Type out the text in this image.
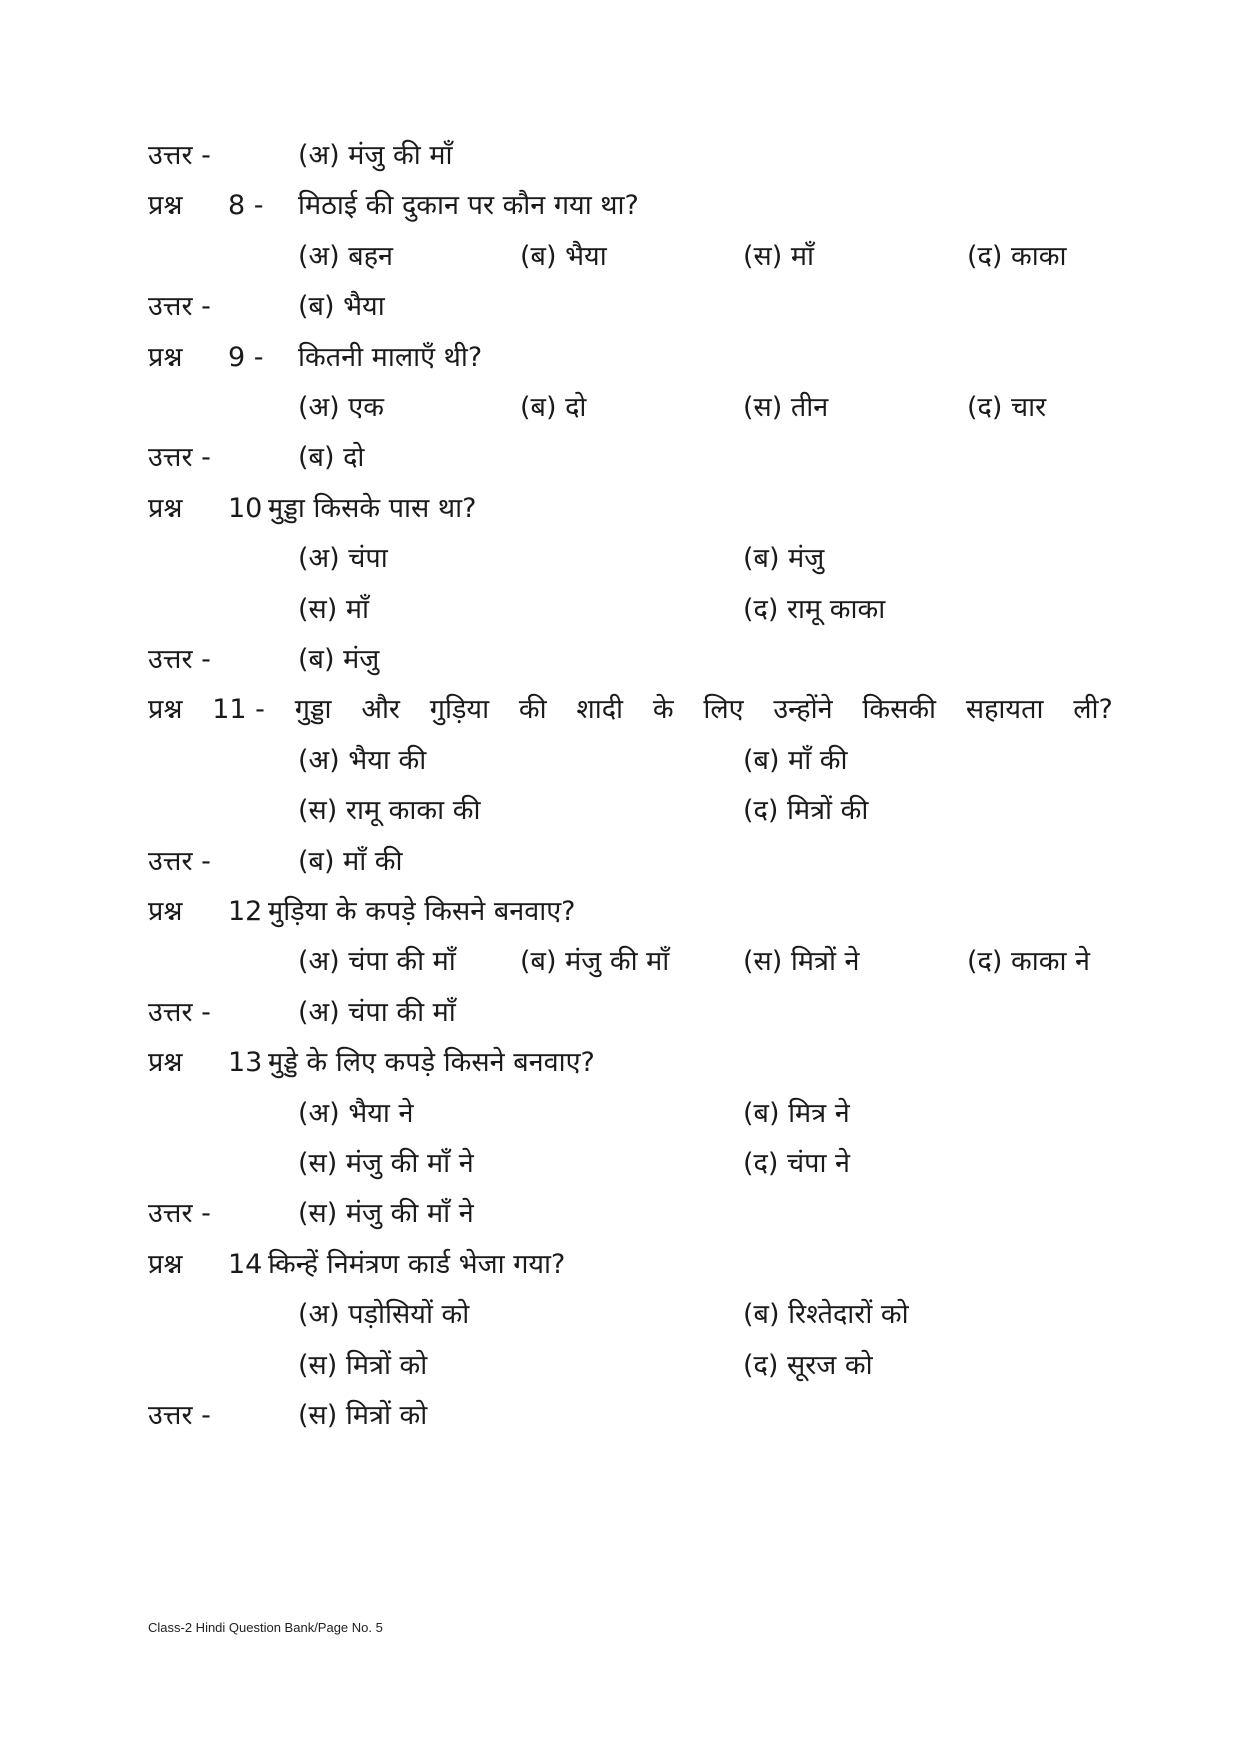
उत्तर -	(अ) मंजु की माँ
प्रश्न 8 - मिठाई की दुकान पर कौन गया था?
(अ) बहन	(ब) भैया	(स) माँ	(द) काका
उत्तर -	(ब) भैया
प्रश्न 9 - कितनी मालाएँ थी?
(अ) एक	(ब) दो	(स) तीन	(द) चार
उत्तर -	(ब) दो
प्रश्न 10 -
गुड्डा किसके पास था?
(अ) चंपा	(ब) मंजु
(स) माँ	(द) रामू काका
उत्तर -	(ब) मंजु
प्रश्न 11 - गुड्डा और गुड़िया की शादी के लिए उन्होंने किसकी सहायता ली?
(अ) भैया की	(ब) माँ की
(स) रामू काका की	(द) मित्रों की
उत्तर -	(ब) माँ की
प्रश्न 12 -
गुड़िया के कपड़े किसने बनवाए?
(अ) चंपा की माँ (ब) मंजु की माँ	(स) मित्रों ने	(द) काका ने
उत्तर -	(अ) चंपा की माँ
प्रश्न 13 -
गुड्डे के लिए कपड़े किसने बनवाए?
(अ) भैया ने	(ब) मित्र ने
(स) मंजु की माँ ने	(द) चंपा ने
उत्तर -	(स) मंजु की माँ ने
प्रश्न 14 -
किन्हें निमंत्रण कार्ड भेजा गया?
(अ) पड़ोसियों को	(ब) रिश्तेदारों को
(स) मित्रों को	(द) सूरज को
उत्तर -	(स) मित्रों को
Class-2 Hindi Question Bank/Page No. 5
